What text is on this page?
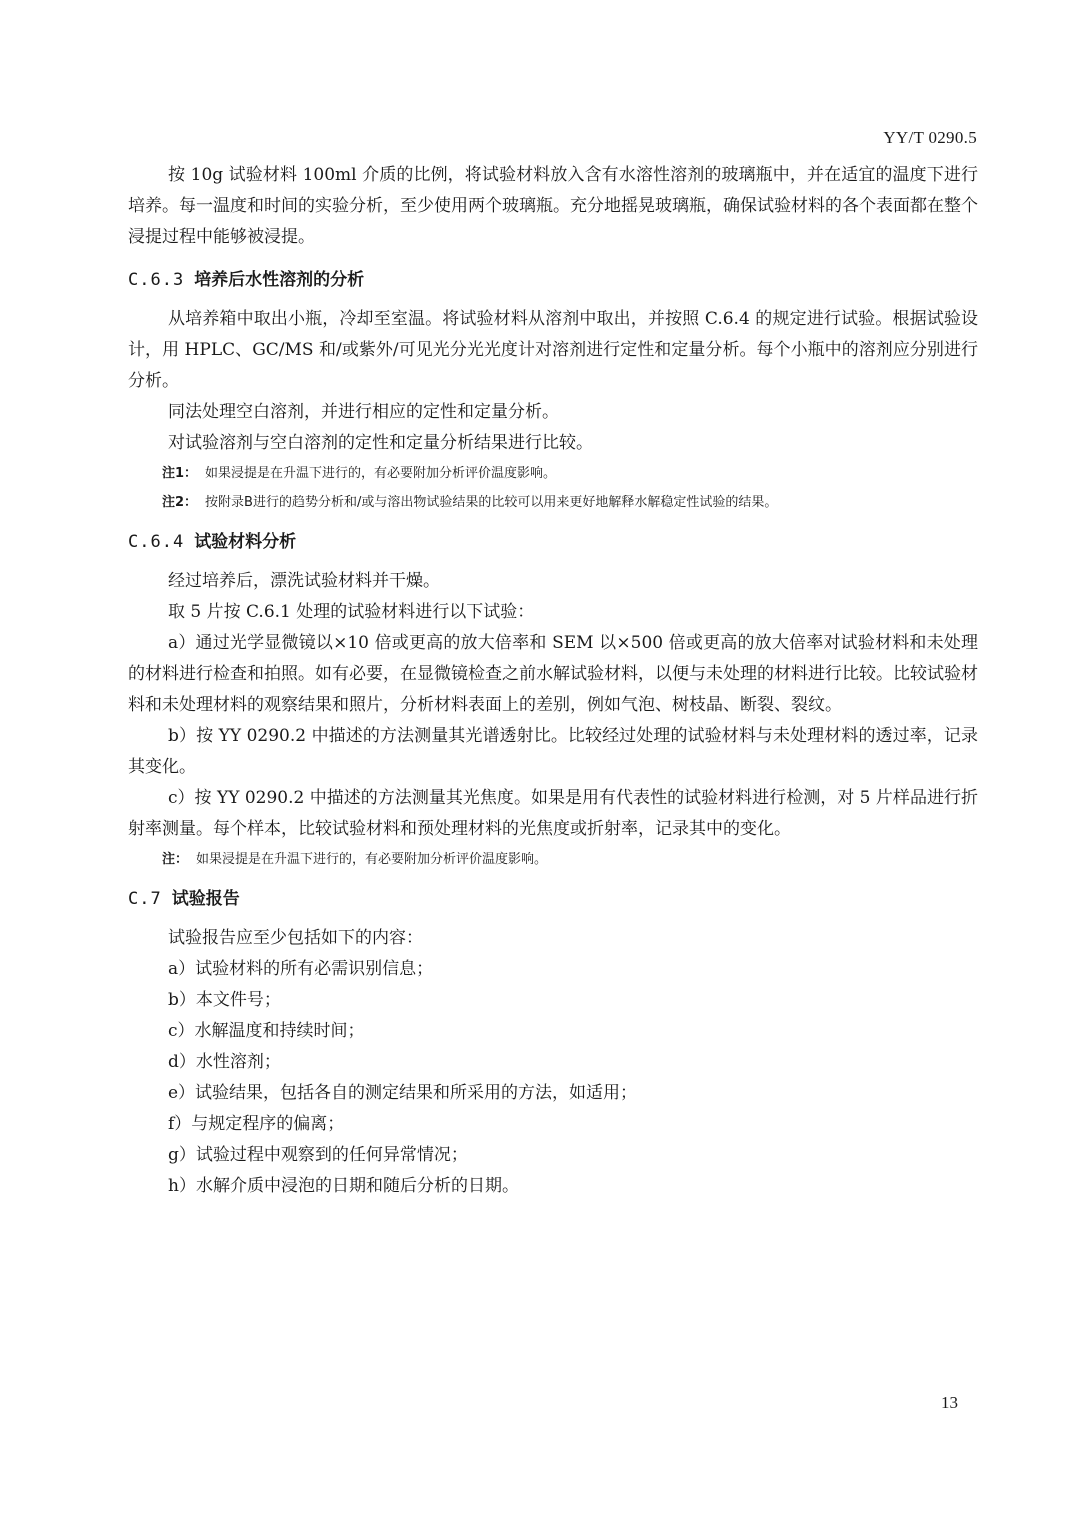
YY/T 0290.5

按 10g 试验材料 100ml 介质的比例，将试验材料放入含有水溶性溶剂的玻璃瓶中，并在适宜的温度下进行培养。每一温度和时间的实验分析，至少使用两个玻璃瓶。充分地摇晃玻璃瓶，确保试验材料的各个表面都在整个浸提过程中能够被浸提。

C.6.3 培养后水性溶剂的分析

从培养箱中取出小瓶，冷却至室温。将试验材料从溶剂中取出，并按照 C.6.4 的规定进行试验。根据试验设计，用 HPLC、GC/MS 和/或紫外/可见光分光光度计对溶剂进行定性和定量分析。每个小瓶中的溶剂应分别进行分析。

同法处理空白溶剂，并进行相应的定性和定量分析。

对试验溶剂与空白溶剂的定性和定量分析结果进行比较。

注1： 如果浸提是在升温下进行的，有必要附加分析评价温度影响。
注2： 按附录B进行的趋势分析和/或与溶出物试验结果的比较可以用来更好地解释水解稳定性试验的结果。
C.6.4 试验材料分析

经过培养后，漂洗试验材料并干燥。

取 5 片按 C.6.1 处理的试验材料进行以下试验：

a）通过光学显微镜以×10 倍或更高的放大倍率和 SEM 以×500 倍或更高的放大倍率对试验材料和未处理的材料进行检查和拍照。如有必要，在显微镜检查之前水解试验材料，以便与未处理的材料进行比较。比较试验材料和未处理材料的观察结果和照片，分析材料表面上的差别，例如气泡、树枝晶、断裂、裂纹。

b）按 YY 0290.2 中描述的方法测量其光谱透射比。比较经过处理的试验材料与未处理材料的透过率，记录其变化。

c）按 YY 0290.2 中描述的方法测量其光焦度。如果是用有代表性的试验材料进行检测，对 5 片样品进行折射率测量。每个样本，比较试验材料和预处理材料的光焦度或折射率，记录其中的变化。

注： 如果浸提是在升温下进行的，有必要附加分析评价温度影响。
C.7 试验报告

试验报告应至少包括如下的内容：

a）试验材料的所有必需识别信息；

b）本文件号；

c）水解温度和持续时间；

d）水性溶剂；

e）试验结果，包括各自的测定结果和所采用的方法，如适用；

f）与规定程序的偏离；

g）试验过程中观察到的任何异常情况；

h）水解介质中浸泡的日期和随后分析的日期。

13
